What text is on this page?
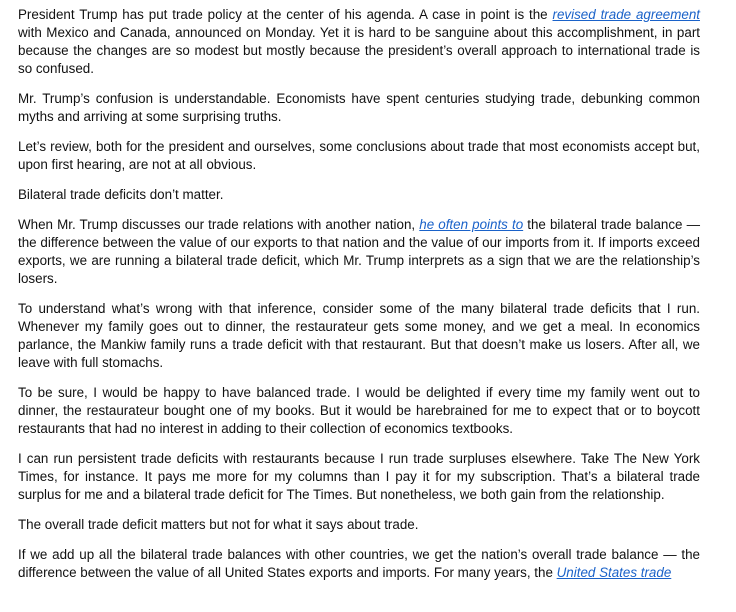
President Trump has put trade policy at the center of his agenda. A case in point is the revised trade agreement with Mexico and Canada, announced on Monday. Yet it is hard to be sanguine about this accomplishment, in part because the changes are so modest but mostly because the president’s overall approach to international trade is so confused.

Mr. Trump’s confusion is understandable. Economists have spent centuries studying trade, debunking common myths and arriving at some surprising truths.

Let’s review, both for the president and ourselves, some conclusions about trade that most economists accept but, upon first hearing, are not at all obvious.

Bilateral trade deficits don’t matter.

When Mr. Trump discusses our trade relations with another nation, he often points to the bilateral trade balance — the difference between the value of our exports to that nation and the value of our imports from it. If imports exceed exports, we are running a bilateral trade deficit, which Mr. Trump interprets as a sign that we are the relationship’s losers.

To understand what’s wrong with that inference, consider some of the many bilateral trade deficits that I run. Whenever my family goes out to dinner, the restaurateur gets some money, and we get a meal. In economics parlance, the Mankiw family runs a trade deficit with that restaurant. But that doesn’t make us losers. After all, we leave with full stomachs.

To be sure, I would be happy to have balanced trade. I would be delighted if every time my family went out to dinner, the restaurateur bought one of my books. But it would be harebrained for me to expect that or to boycott restaurants that had no interest in adding to their collection of economics textbooks.

I can run persistent trade deficits with restaurants because I run trade surpluses elsewhere. Take The New York Times, for instance. It pays me more for my columns than I pay it for my subscription. That’s a bilateral trade surplus for me and a bilateral trade deficit for The Times. But nonetheless, we both gain from the relationship.

The overall trade deficit matters but not for what it says about trade.

If we add up all the bilateral trade balances with other countries, we get the nation’s overall trade balance — the difference between the value of all United States exports and imports. For many years, the United States trade
